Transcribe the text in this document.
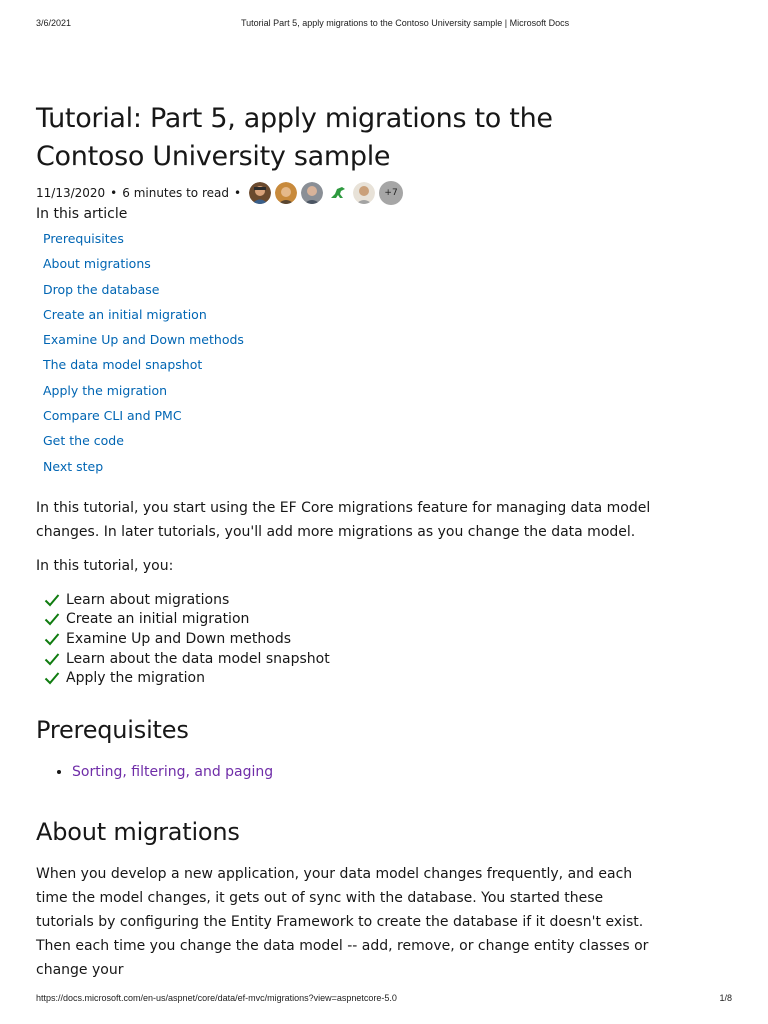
3/6/2021	Tutorial Part 5, apply migrations to the Contoso University sample | Microsoft Docs
Tutorial: Part 5, apply migrations to the
Contoso University sample
11/13/2020 • 6 minutes to read •	+7
In this article
Prerequisites
About migrations
Drop the database
Create an initial migration
Examine Up and Down methods
The data model snapshot
Apply the migration
Compare CLI and PMC
Get the code
Next step

In this tutorial, you start using the EF Core migrations feature for managing data model changes. In later tutorials, you'll add more migrations as you change the data model.

In this tutorial, you:

Learn about migrations
Create an initial migration
Examine Up and Down methods
Learn about the data model snapshot
Apply the migration
Prerequisites
• Sorting, filtering, and paging
About migrations

When you develop a new application, your data model changes frequently, and each time the model changes, it gets out of sync with the database. You started these tutorials by configuring the Entity Framework to create the database if it doesn't exist. Then each time you change the data model -- add, remove, or change entity classes or change your

https://docs.microsoft.com/en-us/aspnet/core/data/ef-mvc/migrations?view=aspnetcore-5.0	1/8
